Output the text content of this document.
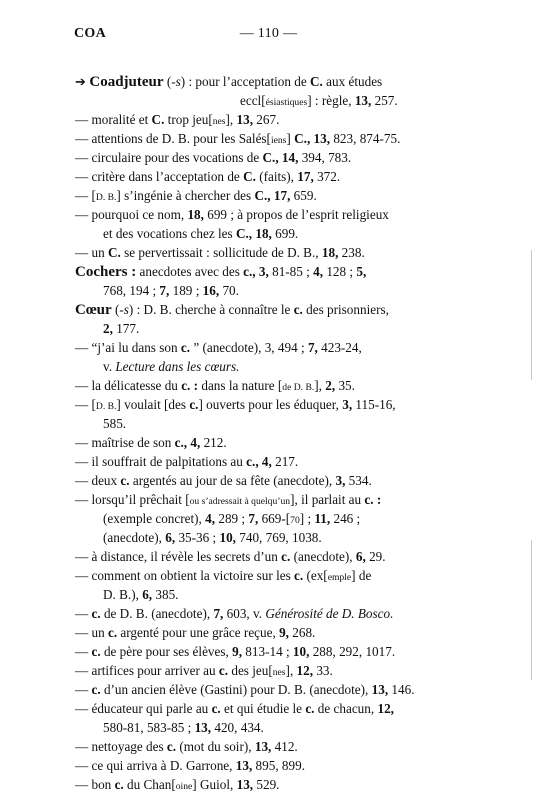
COA	— 110 —
➔ Coadjuteur (-s) : pour l’acceptation de C. aux études
eccl[ésiastiques] : règle, 13, 257.
— moralité et C. trop jeu[nes], 13, 267.
— attentions de D. B. pour les Salés[iens] C., 13, 823, 874-75.
— circulaire pour des vocations de C., 14, 394, 783.
— critère dans l’acceptation de C. (faits), 17, 372.
— [D. B.] s’ingénie à chercher des C., 17, 659.
— pourquoi ce nom, 18, 699 ; à propos de l’esprit religieux
et des vocations chez les C., 18, 699.
— un C. se pervertissait : sollicitude de D. B., 18, 238.
Cochers : anecdotes avec des c., 3, 81-85 ; 4, 128 ; 5,
768, 194 ; 7, 189 ; 16, 70.
Cœur (-s) : D. B. cherche à connaître le c. des prisonniers,
2, 177.
— “j’ai lu dans son c. ” (anecdote), 3, 494 ; 7, 423-24,
v. Lecture dans les cœurs.
— la délicatesse du c. : dans la nature [de D. B.], 2, 35.
— [D. B.] voulait [des c.] ouverts pour les éduquer, 3, 115-16,
585.
— maîtrise de son c., 4, 212.
— il souffrait de palpitations au c., 4, 217.
— deux c. argentés au jour de sa fête (anecdote), 3, 534.
— lorsqu’il prêchait [ou s’adressait à quelqu’un], il parlait au c. :
(exemple concret), 4, 289 ; 7, 669-[70] ; 11, 246 ;
(anecdote), 6, 35-36 ; 10, 740, 769, 1038.
— à distance, il révèle les secrets d’un c. (anecdote), 6, 29.
— comment on obtient la victoire sur les c. (ex[emple] de
D. B.), 6, 385.
— c. de D. B. (anecdote), 7, 603, v. Générosité de D. Bosco.
— un c. argenté pour une grâce reçue, 9, 268.
— c. de père pour ses élèves, 9, 813-14 ; 10, 288, 292, 1017.
— artifices pour arriver au c. des jeu[nes], 12, 33.
— c. d’un ancien élève (Gastini) pour D. B. (anecdote), 13, 146.
— éducateur qui parle au c. et qui étudie le c. de chacun, 12,
580-81, 583-85 ; 13, 420, 434.
— nettoyage des c. (mot du soir), 13, 412.
— ce qui arriva à D. Garrone, 13, 895, 899.
— bon c. du Chan[oine] Guiol, 13, 529.
